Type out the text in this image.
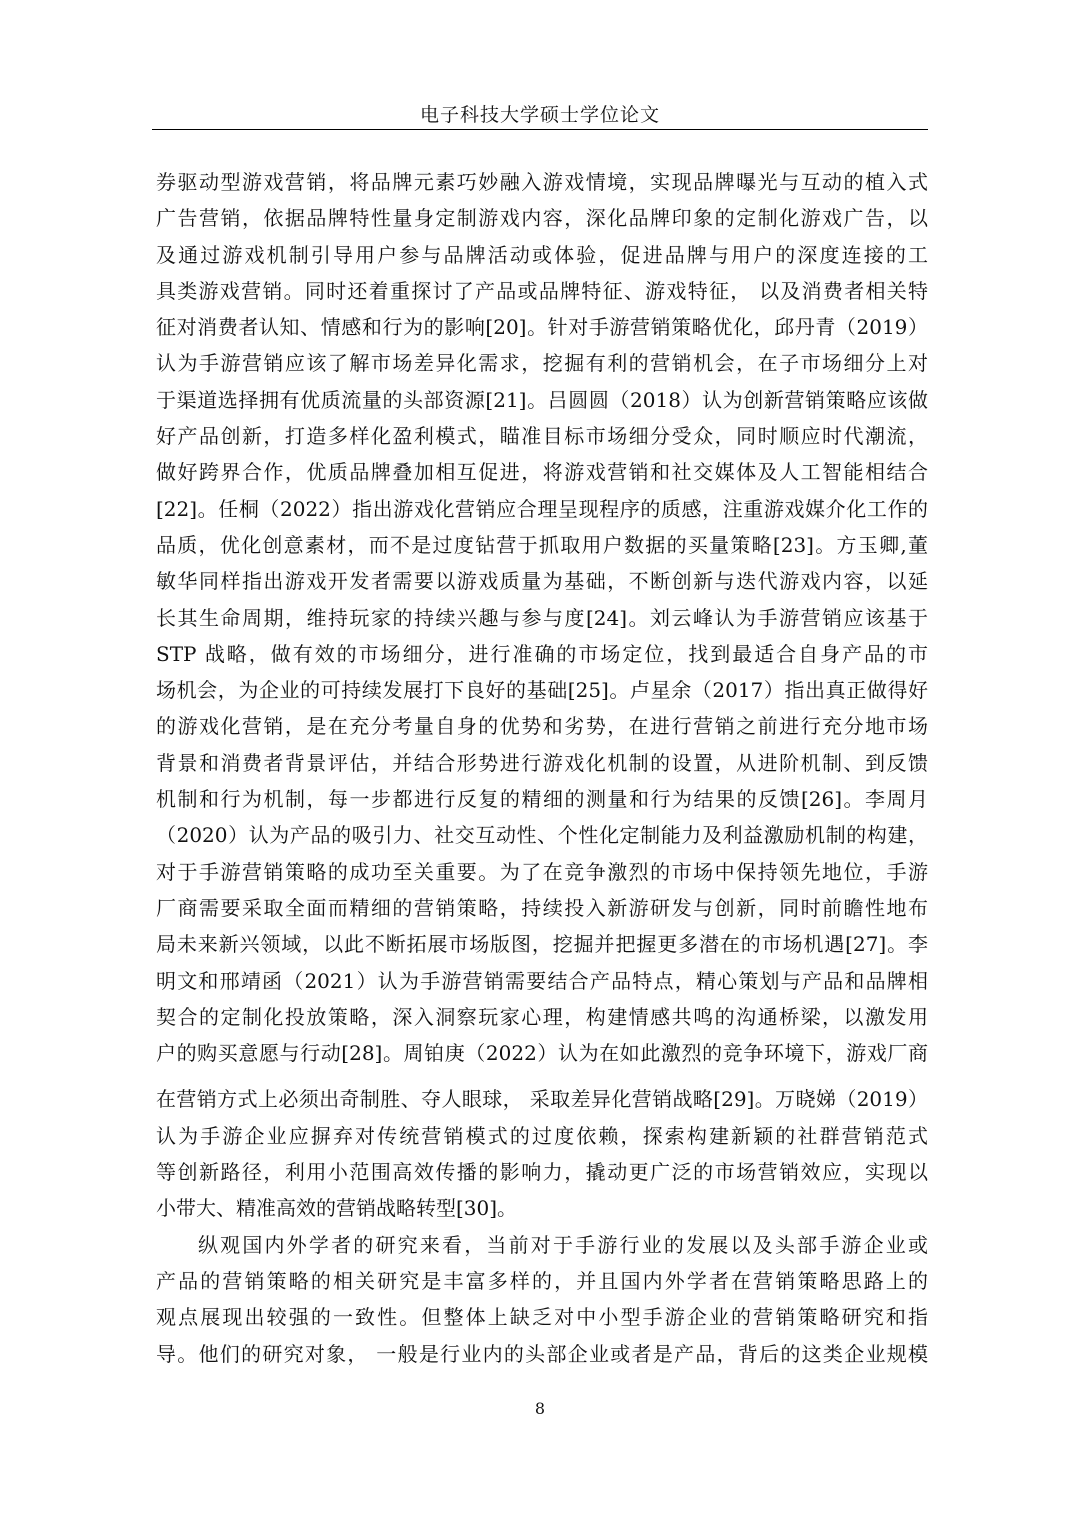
电子科技大学硕士学位论文
券驱动型游戏营销，将品牌元素巧妙融入游戏情境，实现品牌曝光与互动的植入式
广告营销，依据品牌特性量身定制游戏内容，深化品牌印象的定制化游戏广告，以
及通过游戏机制引导用户参与品牌活动或体验，促进品牌与用户的深度连接的工
具类游戏营销。同时还着重探讨了产品或品牌特征、游戏特征， 以及消费者相关特
征对消费者认知、情感和行为的影响[20]。针对手游营销策略优化，邱丹青（2019）
认为手游营销应该了解市场差异化需求，挖掘有利的营销机会，在子市场细分上对
于渠道选择拥有优质流量的头部资源[21]。吕圆圆（2018）认为创新营销策略应该做
好产品创新，打造多样化盈利模式，瞄准目标市场细分受众，同时顺应时代潮流，
做好跨界合作，优质品牌叠加相互促进，将游戏营销和社交媒体及人工智能相结合
[22]。任桐（2022）指出游戏化营销应合理呈现程序的质感，注重游戏媒介化工作的
品质，优化创意素材，而不是过度钻营于抓取用户数据的买量策略[23]。方玉卿,董
敏华同样指出游戏开发者需要以游戏质量为基础，不断创新与迭代游戏内容，以延
长其生命周期，维持玩家的持续兴趣与参与度[24]。刘云峰认为手游营销应该基于
STP 战略，做有效的市场细分，进行准确的市场定位，找到最适合自身产品的市
场机会，为企业的可持续发展打下良好的基础[25]。卢星余（2017）指出真正做得好
的游戏化营销，是在充分考量自身的优势和劣势，在进行营销之前进行充分地市场
背景和消费者背景评估，并结合形势进行游戏化机制的设置，从进阶机制、到反馈
机制和行为机制，每一步都进行反复的精细的测量和行为结果的反馈[26]。李周月
（2020）认为产品的吸引力、社交互动性、个性化定制能力及利益激励机制的构建，
对于手游营销策略的成功至关重要。为了在竞争激烈的市场中保持领先地位，手游
厂商需要采取全面而精细的营销策略，持续投入新游研发与创新，同时前瞻性地布
局未来新兴领域，以此不断拓展市场版图，挖掘并把握更多潜在的市场机遇[27]。李
明文和邢靖函（2021）认为手游营销需要结合产品特点，精心策划与产品和品牌相
契合的定制化投放策略，深入洞察玩家心理，构建情感共鸣的沟通桥梁，以激发用
户的购买意愿与行动[28]。周铂庚（2022）认为在如此激烈的竞争环境下，游戏厂商
在营销方式上必须出奇制胜、夺人眼球， 采取差异化营销战略[29]。万晓娣（2019）
认为手游企业应摒弃对传统营销模式的过度依赖，探索构建新颖的社群营销范式
等创新路径，利用小范围高效传播的影响力，撬动更广泛的市场营销效应，实现以
小带大、精准高效的营销战略转型[30]。
纵观国内外学者的研究来看，当前对于手游行业的发展以及头部手游企业或
产品的营销策略的相关研究是丰富多样的，并且国内外学者在营销策略思路上的
观点展现出较强的一致性。但整体上缺乏对中小型手游企业的营销策略研究和指
导。他们的研究对象， 一般是行业内的头部企业或者是产品，背后的这类企业规模
8
